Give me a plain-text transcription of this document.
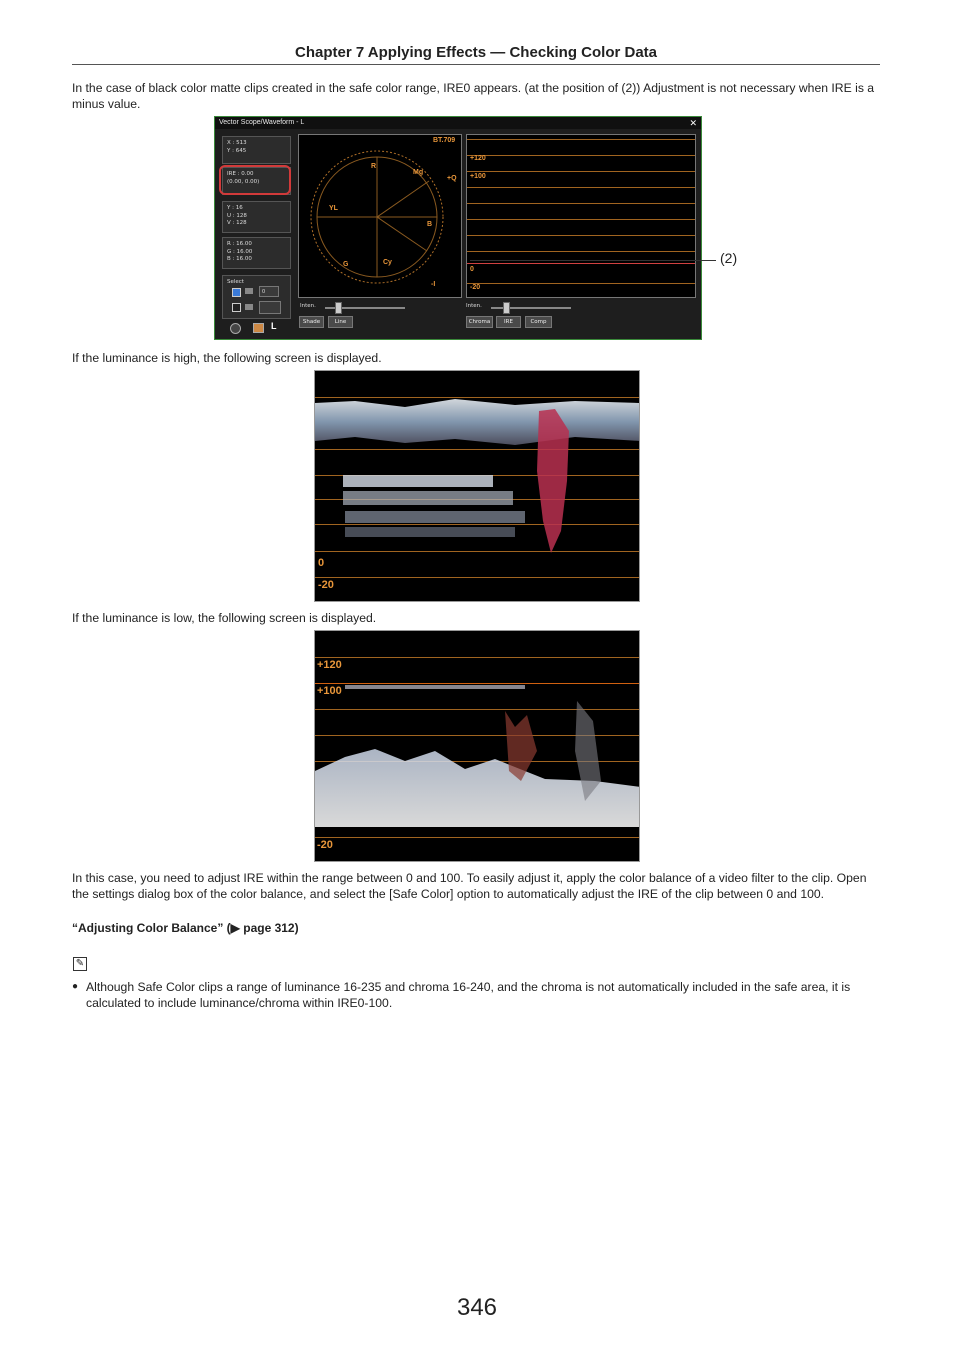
Chapter 7 Applying Effects — Checking Color Data
In the case of black color matte clips created in the safe color range, IRE0 appears. (at the position of (2)) Adjustment is not necessary when IRE is a minus value.
Vector Scope/Waveform - L	✕
X : 513
Y : 645
IRE : 0.00
(0.00, 0.00)
Y : 16
U : 128
V : 128
R : 16.00
G : 16.00
B : 16.00
Select
0
L
BT.709
R
Mg
+Q
YL
B
G	Cy
-I
+120
+100
0
-20
Inten.
Shade	Line
Inten.
Chroma	IRE	Comp
(2)
If the luminance is high, the following screen is displayed.
0
-20
If the luminance is low, the following screen is displayed.
+120
+100
-20
In this case, you need to adjust IRE within the range between 0 and 100. To easily adjust it, apply the color balance of a video filter to the clip. Open the settings dialog box of the color balance, and select the [Safe Color] option to automatically adjust the IRE of the clip between 0 and 100.
“Adjusting Color Balance” (▶ page 312)
✎
● Although Safe Color clips a range of luminance 16-235 and chroma 16-240, and the chroma is not automatically included in the safe area, it is calculated to include luminance/chroma within IRE0-100.
346
